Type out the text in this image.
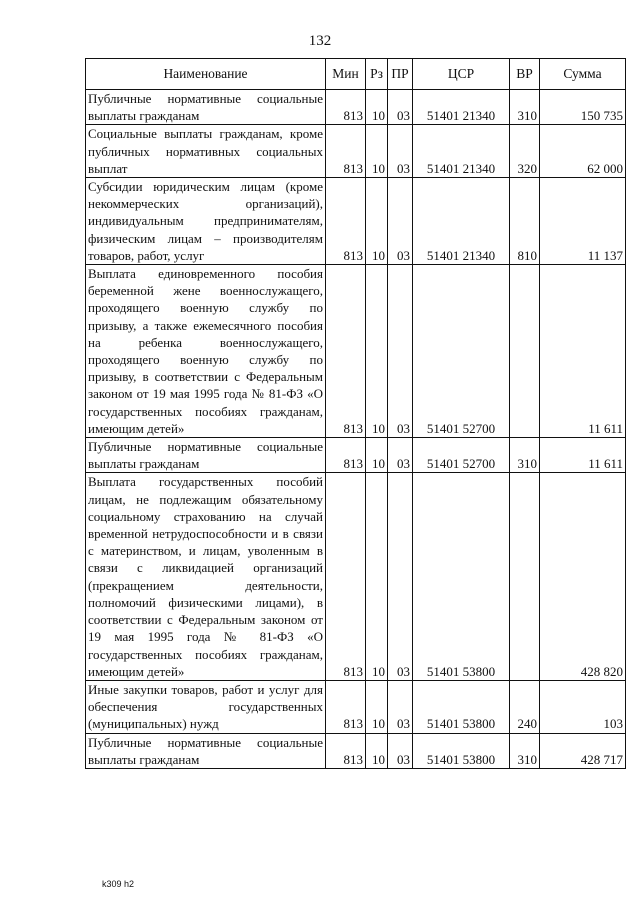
132
Наименование	Мин	Рз	ПР	ЦСР	ВР	Сумма
Публичные нормативные социальные выплаты гражданам	813	10	03	51401 21340	310	150 735
Социальные выплаты гражданам, кроме публичных нормативных социальных выплат	813	10	03	51401 21340	320	62 000
Субсидии юридическим лицам (кроме некоммерческих организаций), индивидуальным предпринимателям, физическим лицам – производителям товаров, работ, услуг	813	10	03	51401 21340	810	11 137
Выплата единовременного пособия беременной жене военнослужащего, проходящего военную службу по призыву, а также ежемесячного пособия на ребенка военнослужащего, проходящего военную службу по призыву, в соответствии с Федеральным законом от 19 мая 1995 года № 81-ФЗ «О государственных пособиях гражданам, имеющим детей»	813	10	03	51401 52700		11 611
Публичные нормативные социальные выплаты гражданам	813	10	03	51401 52700	310	11 611
Выплата государственных пособий лицам, не подлежащим обязательному социальному страхованию на случай временной нетрудоспособности и в связи с материнством, и лицам, уволенным в связи с ликвидацией организаций (прекращением деятельности, полномочий физическими лицами), в соответствии с Федеральным законом от 19 мая 1995 года № 81-ФЗ «О государственных пособиях гражданам, имеющим детей»	813	10	03	51401 53800		428 820
Иные закупки товаров, работ и услуг для обеспечения государственных (муниципальных) нужд	813	10	03	51401 53800	240	103
Публичные нормативные социальные выплаты гражданам	813	10	03	51401 53800	310	428 717
k309 h2
